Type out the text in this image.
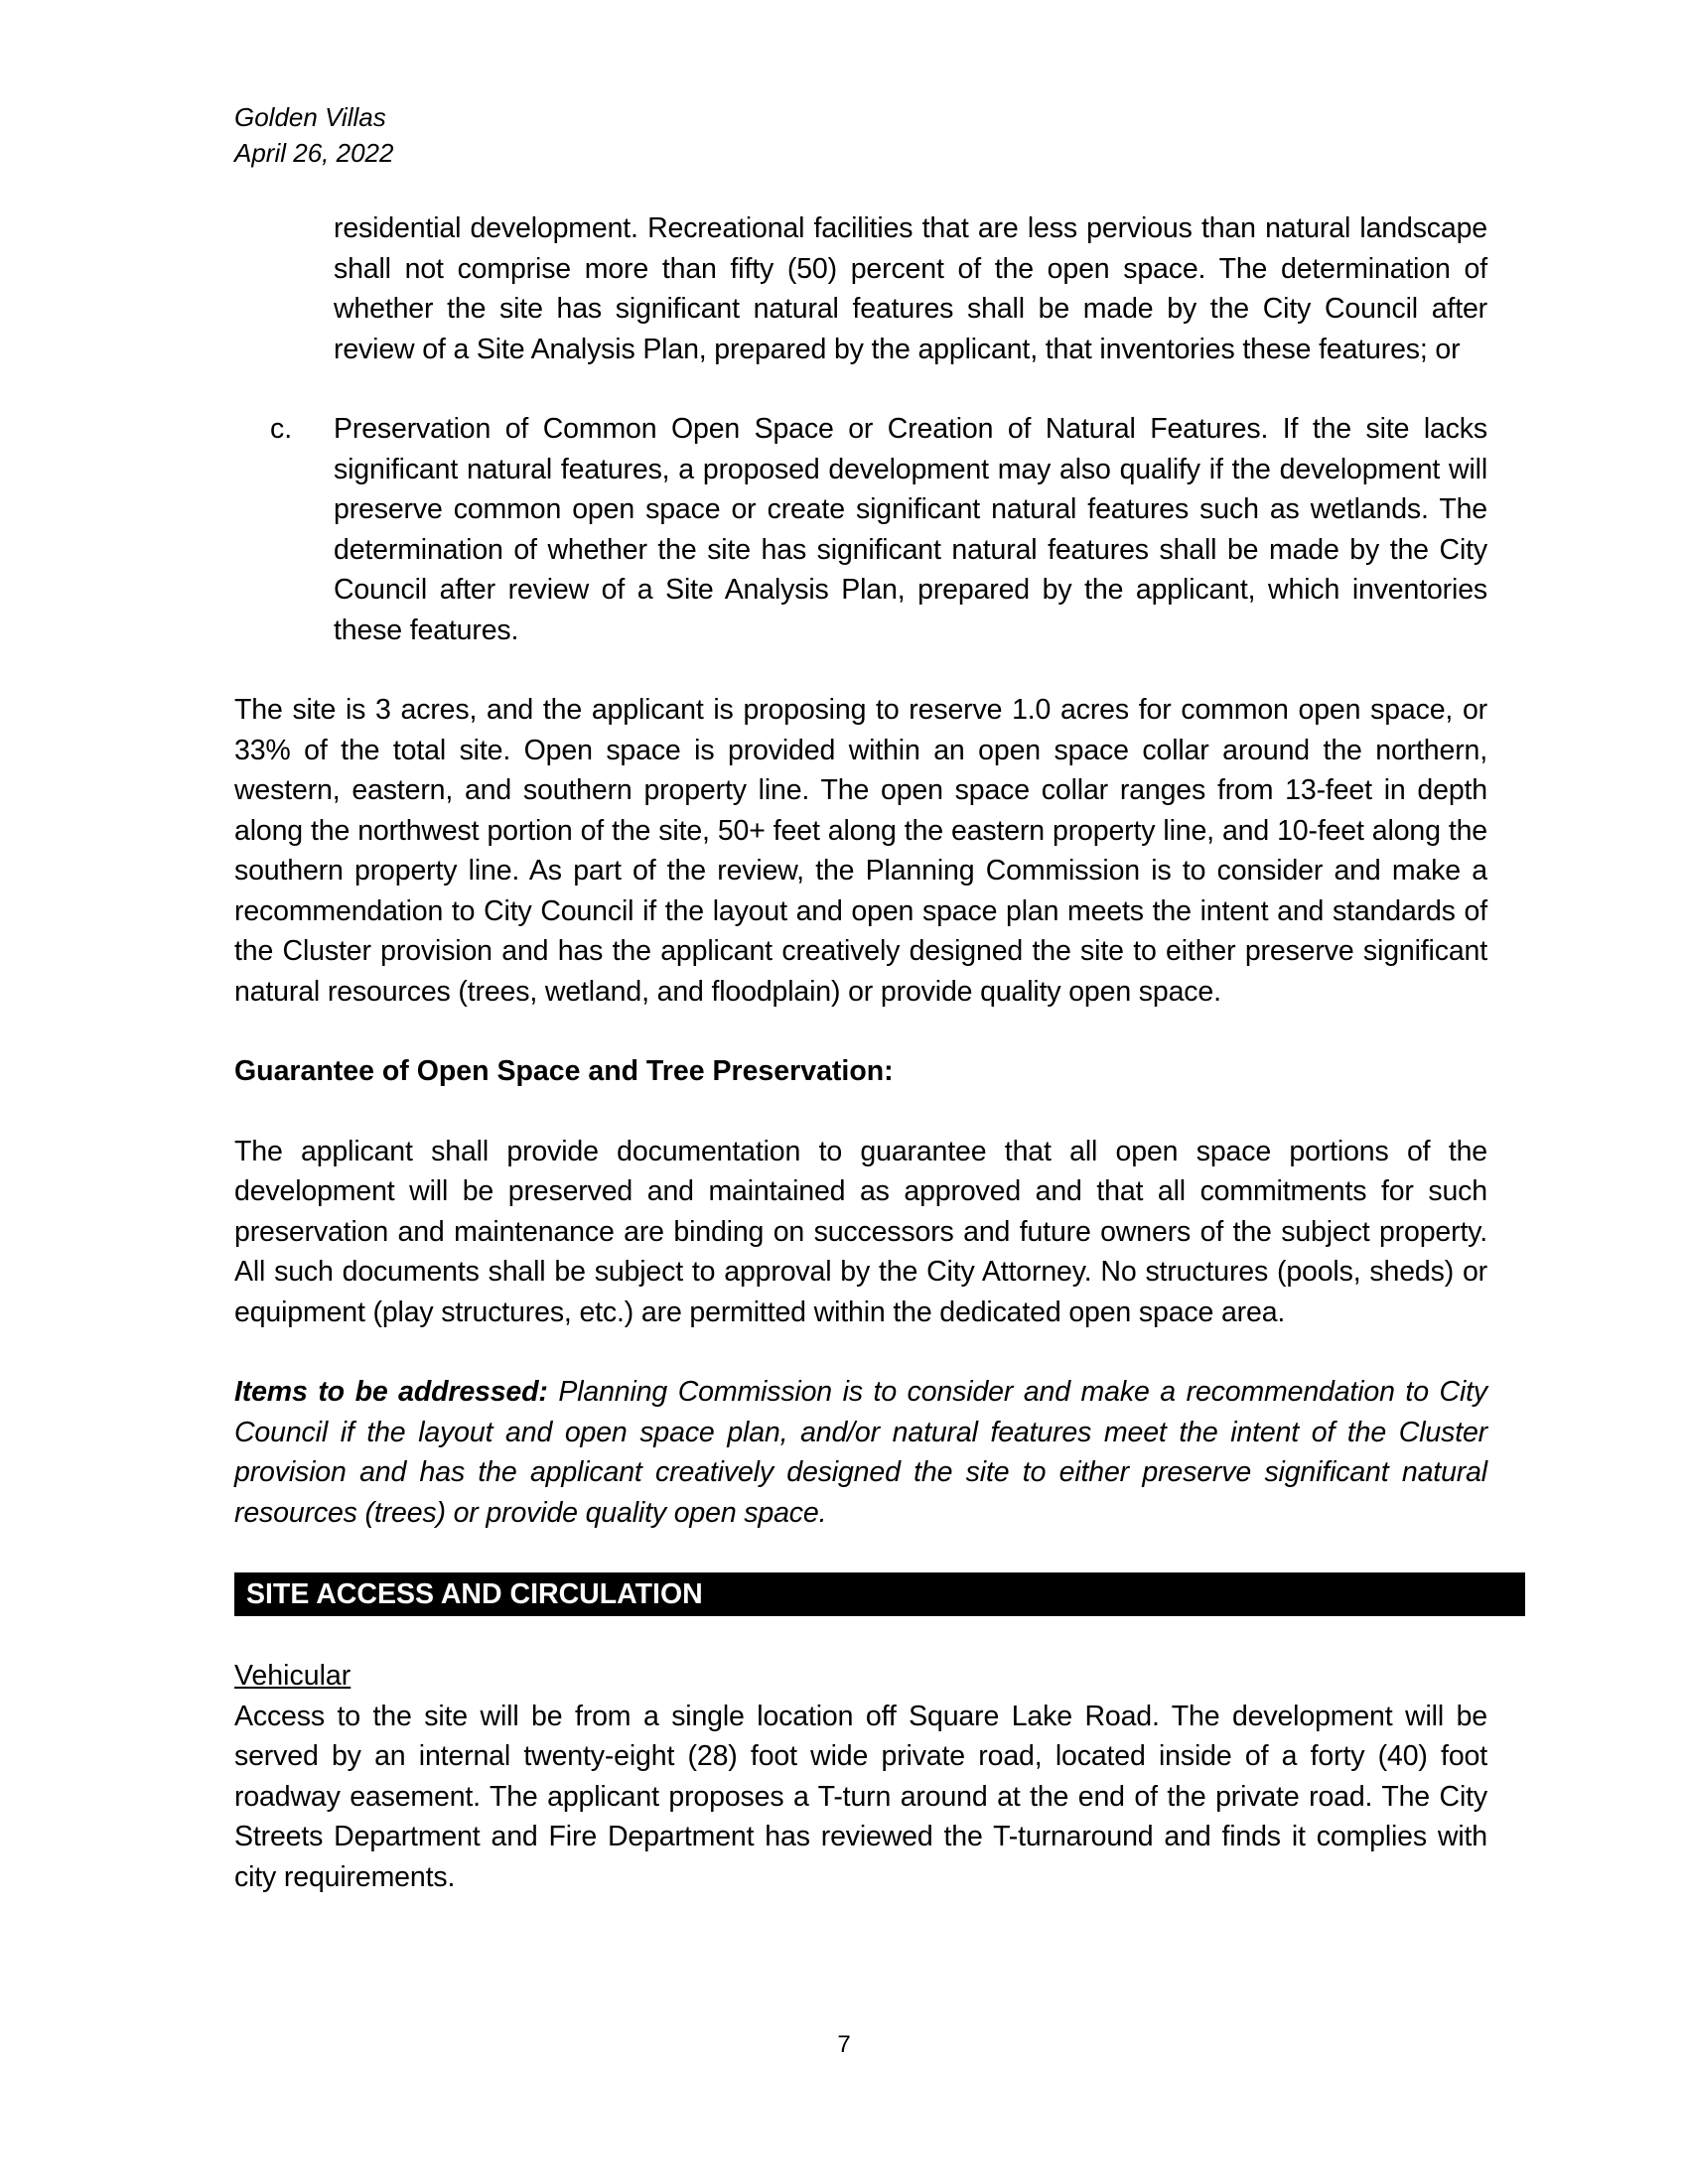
Golden Villas
April 26, 2022
residential development. Recreational facilities that are less pervious than natural landscape shall not comprise more than fifty (50) percent of the open space. The determination of whether the site has significant natural features shall be made by the City Council after review of a Site Analysis Plan, prepared by the applicant, that inventories these features; or
c.	Preservation of Common Open Space or Creation of Natural Features. If the site lacks significant natural features, a proposed development may also qualify if the development will preserve common open space or create significant natural features such as wetlands. The determination of whether the site has significant natural features shall be made by the City Council after review of a Site Analysis Plan, prepared by the applicant, which inventories these features.
The site is 3 acres, and the applicant is proposing to reserve 1.0 acres for common open space, or 33% of the total site. Open space is provided within an open space collar around the northern, western, eastern, and southern property line. The open space collar ranges from 13-feet in depth along the northwest portion of the site, 50+ feet along the eastern property line, and 10-feet along the southern property line. As part of the review, the Planning Commission is to consider and make a recommendation to City Council if the layout and open space plan meets the intent and standards of the Cluster provision and has the applicant creatively designed the site to either preserve significant natural resources (trees, wetland, and floodplain) or provide quality open space.
Guarantee of Open Space and Tree Preservation:
The applicant shall provide documentation to guarantee that all open space portions of the development will be preserved and maintained as approved and that all commitments for such preservation and maintenance are binding on successors and future owners of the subject property. All such documents shall be subject to approval by the City Attorney. No structures (pools, sheds) or equipment (play structures, etc.) are permitted within the dedicated open space area.
Items to be addressed: Planning Commission is to consider and make a recommendation to City Council if the layout and open space plan, and/or natural features meet the intent of the Cluster provision and has the applicant creatively designed the site to either preserve significant natural resources (trees) or provide quality open space.
SITE ACCESS AND CIRCULATION
Vehicular
Access to the site will be from a single location off Square Lake Road. The development will be served by an internal twenty-eight (28) foot wide private road, located inside of a forty (40) foot roadway easement. The applicant proposes a T-turn around at the end of the private road. The City Streets Department and Fire Department has reviewed the T-turnaround and finds it complies with city requirements.
7
